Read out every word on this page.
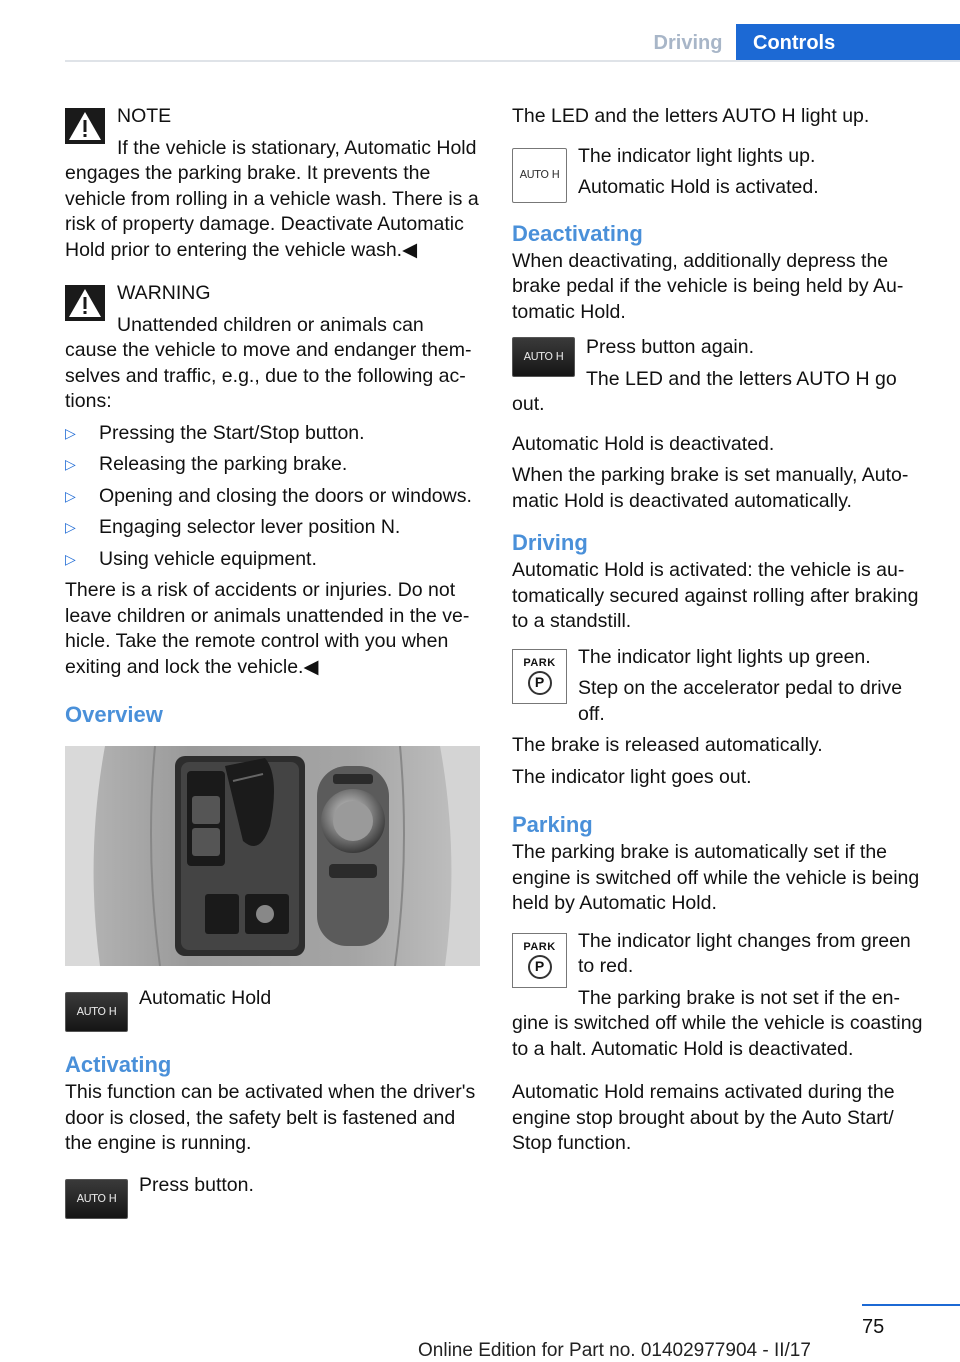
Driving	Controls

NOTE

If the vehicle is stationary, Automatic Hold engages the parking brake. It prevents the vehicle from rolling in a vehicle wash. There is a risk of property damage. Deactivate Automatic Hold prior to entering the vehicle wash.◀

WARNING

Unattended children or animals can cause the vehicle to move and endanger themselves and traffic, e.g., due to the following actions:

▷ Pressing the Start/Stop button.
▷ Releasing the parking brake.
▷ Opening and closing the doors or windows.
▷ Engaging selector lever position N.
▷ Using vehicle equipment.

There is a risk of accidents or injuries. Do not leave children or animals unattended in the vehicle. Take the remote control with you when exiting and lock the vehicle.◀

Overview
AUTO H

Automatic Hold

Activating

This function can be activated when the driver's door is closed, the safety belt is fastened and the engine is running.

AUTO H

Press button.

The LED and the letters AUTO H light up.

AUTO H

The indicator light lights up.

Automatic Hold is activated.

Deactivating

When deactivating, additionally depress the brake pedal if the vehicle is being held by Automatic Hold.

AUTO H	Press button again.

The LED and the letters AUTO H go out.

Automatic Hold is deactivated.

When the parking brake is set manually, Automatic Hold is deactivated automatically.

Driving

Automatic Hold is activated: the vehicle is automatically secured against rolling after braking to a standstill.

PARK
P

The indicator light lights up green.

Step on the accelerator pedal to drive off.

The brake is released automatically.

The indicator light goes out.

Parking

The parking brake is automatically set if the engine is switched off while the vehicle is being held by Automatic Hold.

PARK
P

The indicator light changes from green to red.

The parking brake is not set if the engine is switched off while the vehicle is coasting to a halt. Automatic Hold is deactivated.

Automatic Hold remains activated during the engine stop brought about by the Auto Start/ Stop function.

75
Online Edition for Part no. 01402977904 - II/17
